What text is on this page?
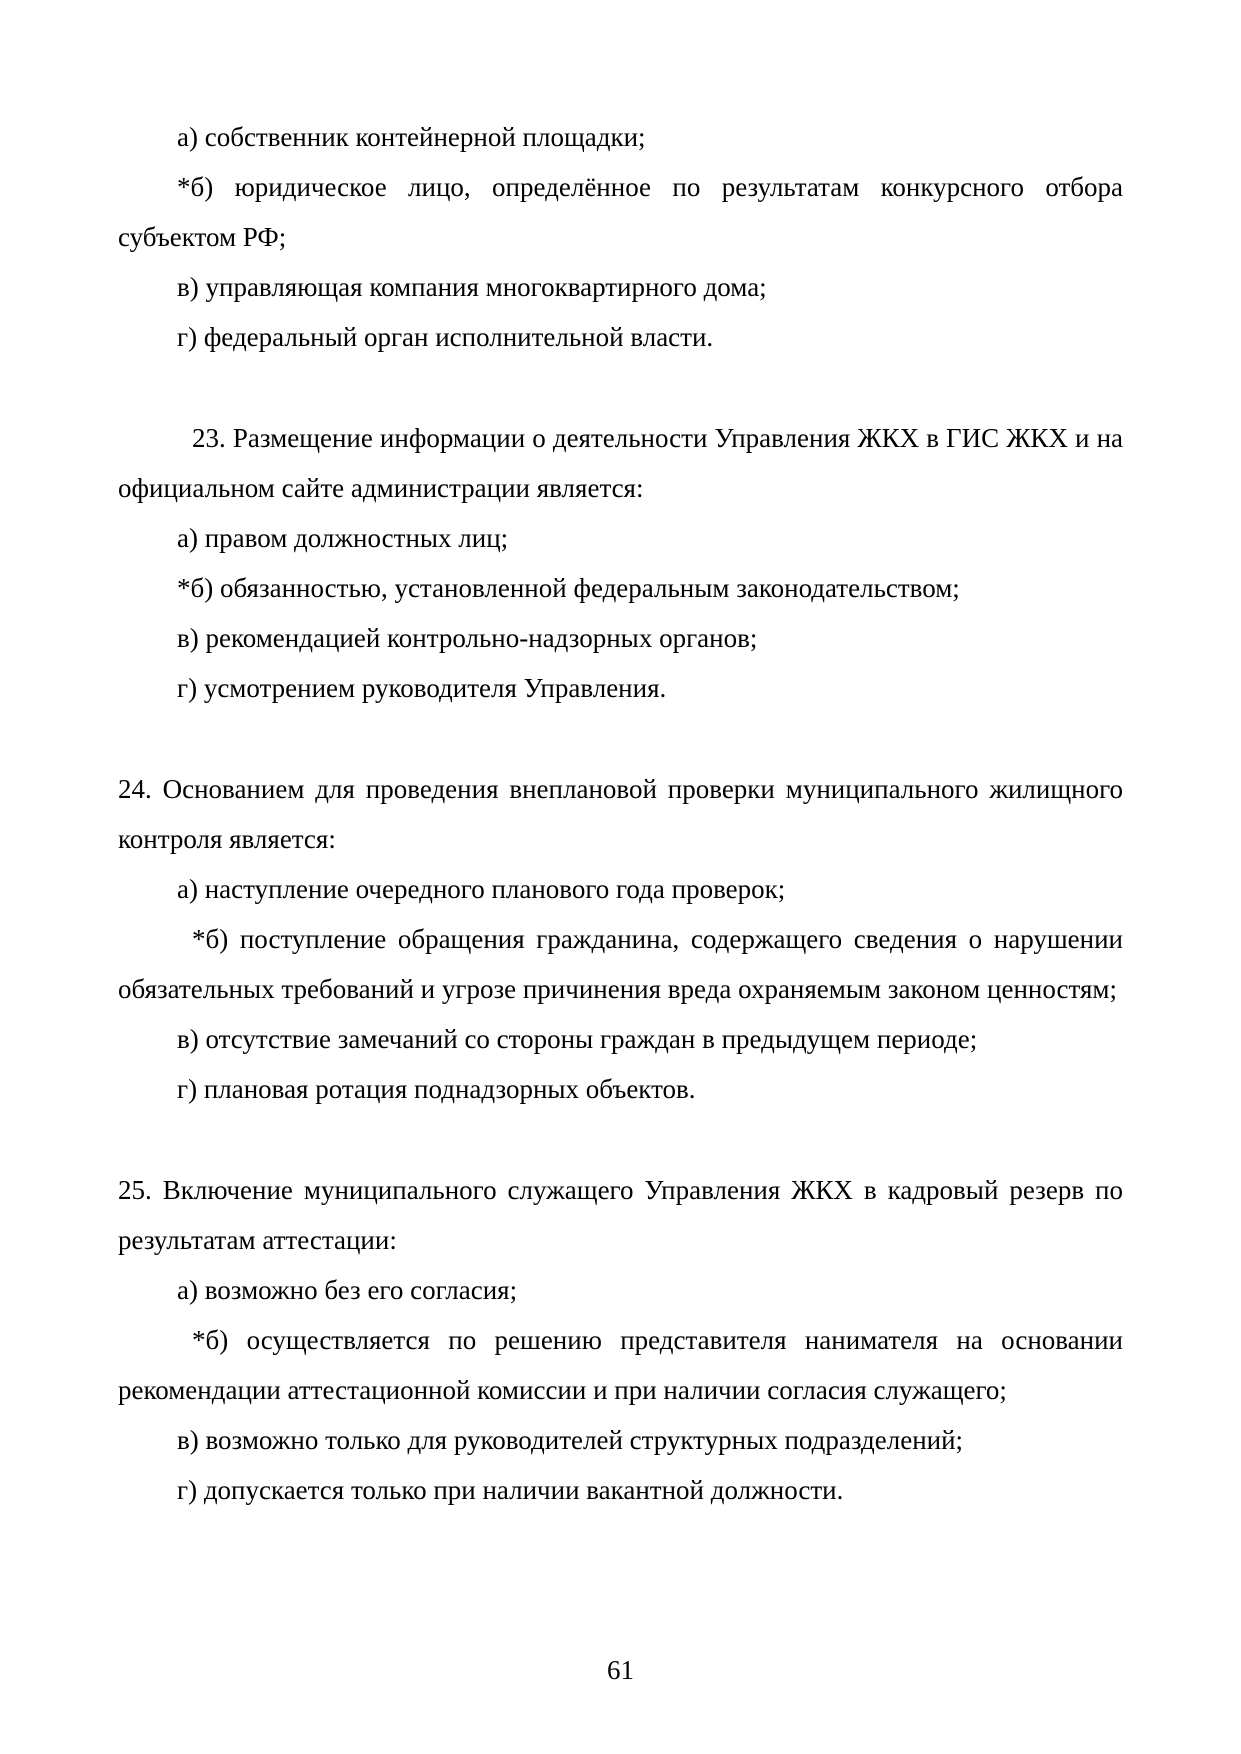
а) собственник контейнерной площадки;

*б) юридическое лицо, определённое по результатам конкурсного отбора субъектом РФ;

в) управляющая компания многоквартирного дома;

г) федеральный орган исполнительной власти.

23. Размещение информации о деятельности Управления ЖКХ в ГИС ЖКХ и на официальном сайте администрации является:

а) правом должностных лиц;

*б) обязанностью, установленной федеральным законодательством;

в) рекомендацией контрольно-надзорных органов;

г) усмотрением руководителя Управления.

24. Основанием для проведения внеплановой проверки муниципального жилищного контроля является:

а) наступление очередного планового года проверок;

*б) поступление обращения гражданина, содержащего сведения о нарушении обязательных требований и угрозе причинения вреда охраняемым законом ценностям;

в) отсутствие замечаний со стороны граждан в предыдущем периоде;

г) плановая ротация поднадзорных объектов.

25. Включение муниципального служащего Управления ЖКХ в кадровый резерв по результатам аттестации:

а) возможно без его согласия;

*б) осуществляется по решению представителя нанимателя на основании рекомендации аттестационной комиссии и при наличии согласия служащего;

в) возможно только для руководителей структурных подразделений;

г) допускается только при наличии вакантной должности.

61
